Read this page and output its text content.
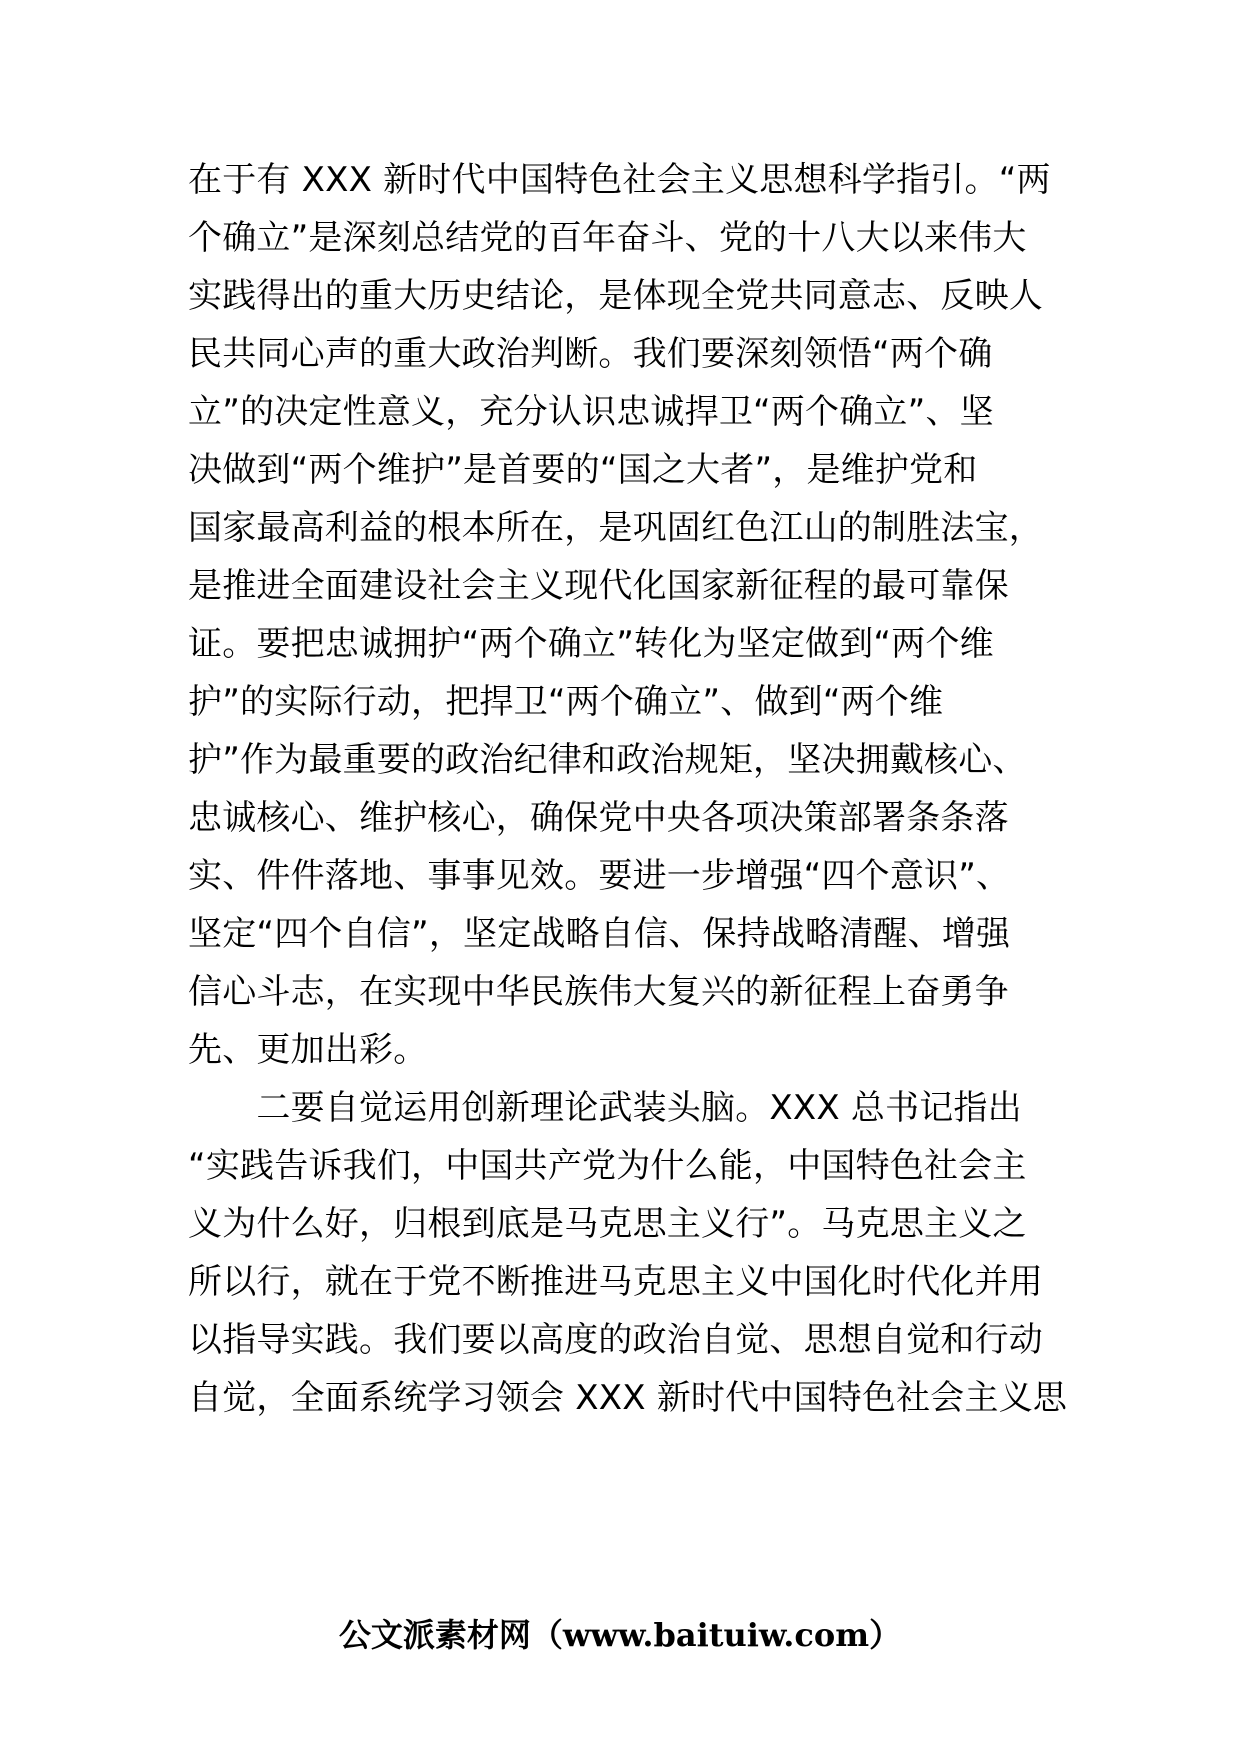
在于有 XXX 新时代中国特色社会主义思想科学指引。“两
个确立”是深刻总结党的百年奋斗、党的十八大以来伟大
实践得出的重大历史结论，是体现全党共同意志、反映人
民共同心声的重大政治判断。我们要深刻领悟“两个确
立”的决定性意义，充分认识忠诚捍卫“两个确立”、坚
决做到“两个维护”是首要的“国之大者”，是维护党和
国家最高利益的根本所在，是巩固红色江山的制胜法宝，
是推进全面建设社会主义现代化国家新征程的最可靠保
证。要把忠诚拥护“两个确立”转化为坚定做到“两个维
护”的实际行动，把捍卫“两个确立”、做到“两个维
护”作为最重要的政治纪律和政治规矩，坚决拥戴核心、
忠诚核心、维护核心，确保党中央各项决策部署条条落
实、件件落地、事事见效。要进一步增强“四个意识”、
坚定“四个自信”，坚定战略自信、保持战略清醒、增强
信心斗志，在实现中华民族伟大复兴的新征程上奋勇争
先、更加出彩。
　　二要自觉运用创新理论武装头脑。XXX 总书记指出
“实践告诉我们，中国共产党为什么能，中国特色社会主
义为什么好，归根到底是马克思主义行”。马克思主义之
所以行，就在于党不断推进马克思主义中国化时代化并用
以指导实践。我们要以高度的政治自觉、思想自觉和行动
自觉，全面系统学习领会 XXX 新时代中国特色社会主义思
公文派素材网（www.baituiw.com）
